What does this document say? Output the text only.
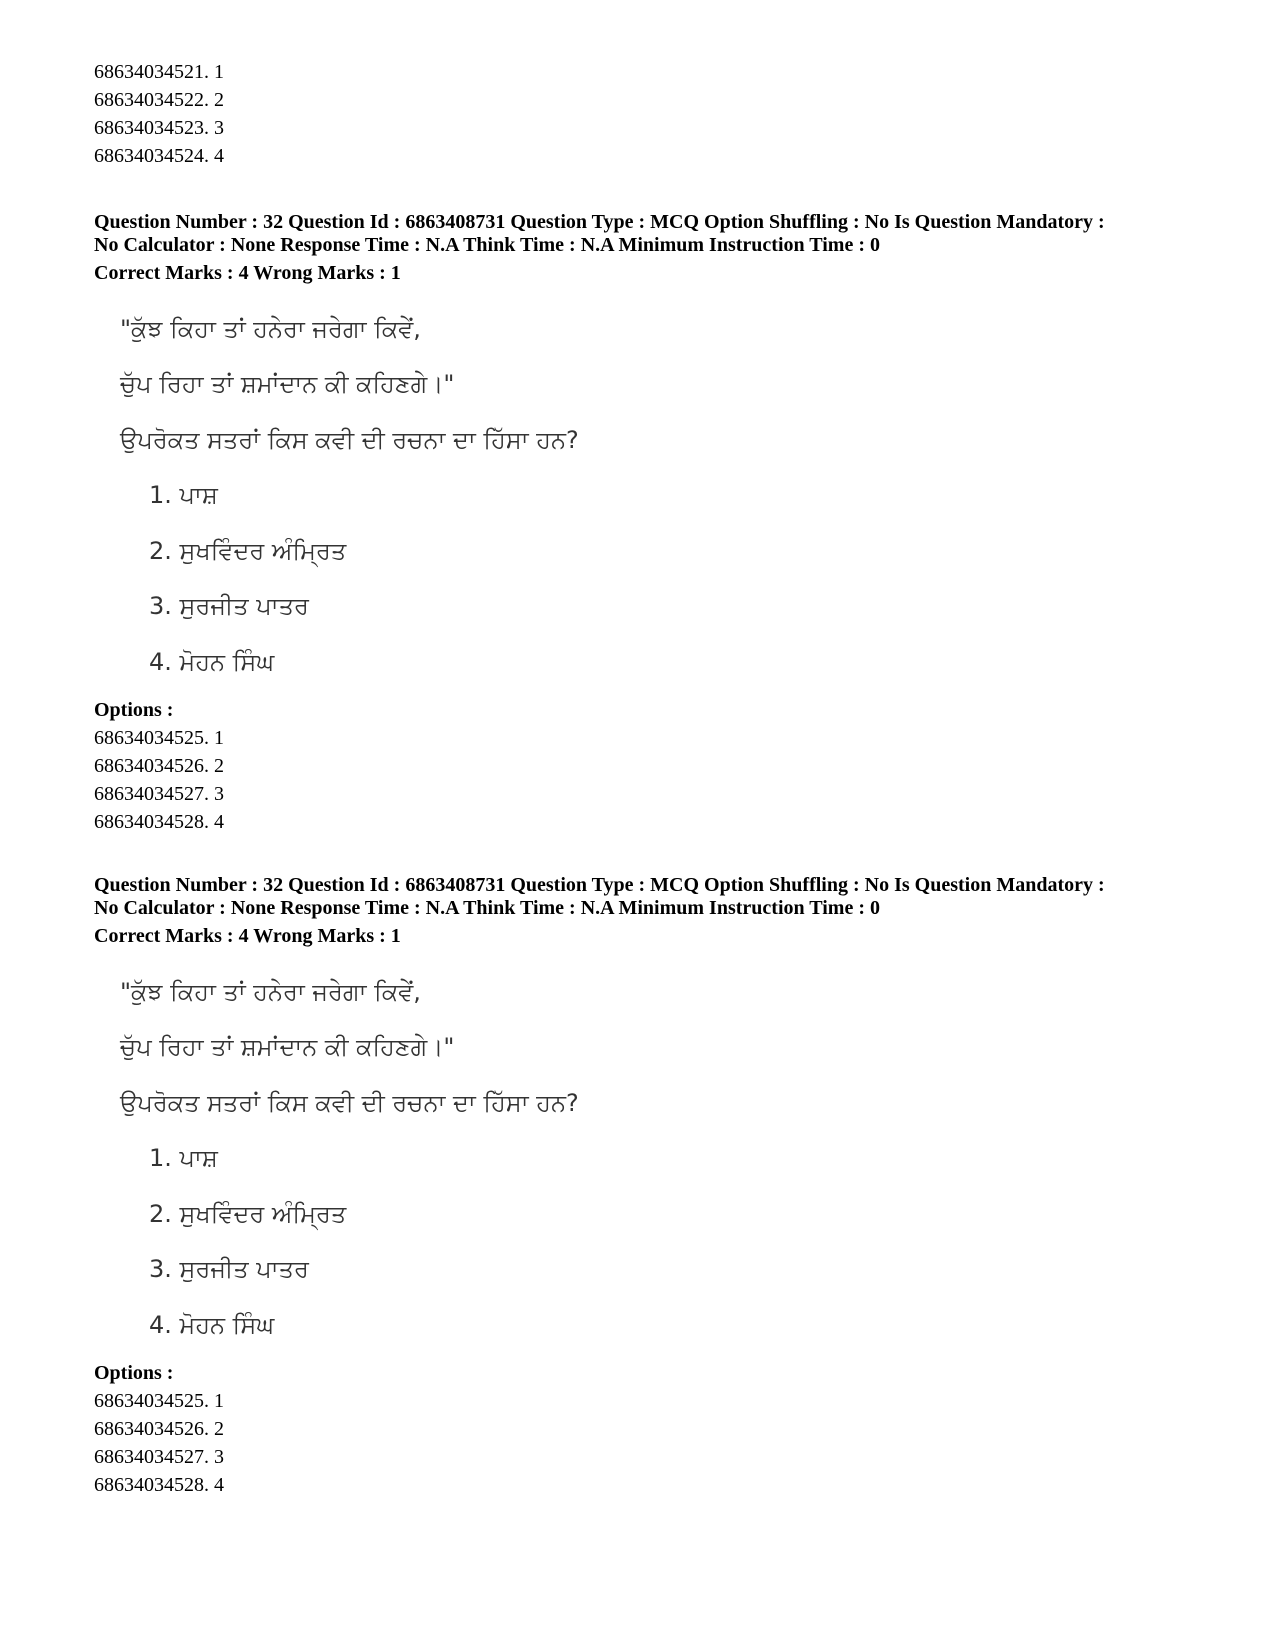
68634034521. 1
68634034522. 2
68634034523. 3
68634034524. 4
Question Number : 32 Question Id : 6863408731 Question Type : MCQ Option Shuffling : No Is Question Mandatory :
No Calculator : None Response Time : N.A Think Time : N.A Minimum Instruction Time : 0
Correct Marks : 4 Wrong Marks : 1
"ਕੁੱਝ ਕਿਹਾ ਤਾਂ ਹਨੇਰਾ ਜਰੇਗਾ ਕਿਵੇਂ,
ਚੁੱਪ ਰਿਹਾ ਤਾਂ ਸ਼ਮਾਂਦਾਨ ਕੀ ਕਹਿਣਗੇ।"
ਉਪਰੋਕਤ ਸਤਰਾਂ ਕਿਸ ਕਵੀ ਦੀ ਰਚਨਾ ਦਾ ਹਿੱਸਾ ਹਨ?
1. ਪਾਸ਼
2. ਸੁਖਵਿੰਦਰ ਅੰਮ੍ਰਿਤ
3. ਸੁਰਜੀਤ ਪਾਤਰ
4. ਮੋਹਨ ਸਿੰਘ
Options :
68634034525. 1
68634034526. 2
68634034527. 3
68634034528. 4
Question Number : 32 Question Id : 6863408731 Question Type : MCQ Option Shuffling : No Is Question Mandatory :
No Calculator : None Response Time : N.A Think Time : N.A Minimum Instruction Time : 0
Correct Marks : 4 Wrong Marks : 1
"ਕੁੱਝ ਕਿਹਾ ਤਾਂ ਹਨੇਰਾ ਜਰੇਗਾ ਕਿਵੇਂ,
ਚੁੱਪ ਰਿਹਾ ਤਾਂ ਸ਼ਮਾਂਦਾਨ ਕੀ ਕਹਿਣਗੇ।"
ਉਪਰੋਕਤ ਸਤਰਾਂ ਕਿਸ ਕਵੀ ਦੀ ਰਚਨਾ ਦਾ ਹਿੱਸਾ ਹਨ?
1. ਪਾਸ਼
2. ਸੁਖਵਿੰਦਰ ਅੰਮ੍ਰਿਤ
3. ਸੁਰਜੀਤ ਪਾਤਰ
4. ਮੋਹਨ ਸਿੰਘ
Options :
68634034525. 1
68634034526. 2
68634034527. 3
68634034528. 4
